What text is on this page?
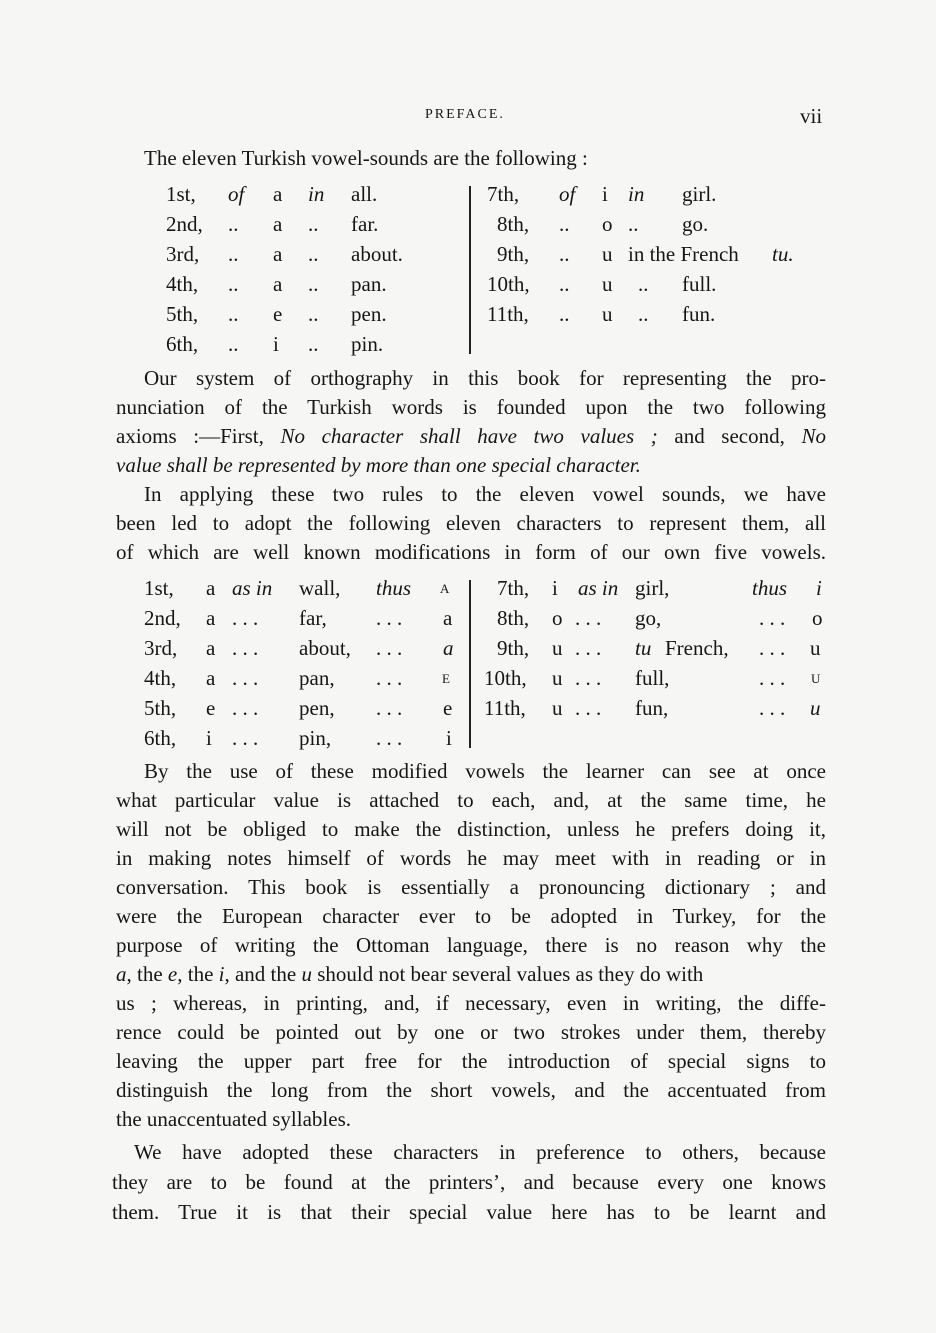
PREFACE.	vii
The eleven Turkish vowel-sounds are the following :
1st, of a in all.
2nd, .. a .. far.
3rd, .. a .. about.
4th, .. a .. pan.
5th, .. e .. pen.
6th, .. i .. pin.
7th, of i in girl.
8th, .. o .. go.
9th, .. u in the French tu.
10th, .. u .. full.
11th, .. u .. fun.
Our system of orthography in this book for representing the pro-
nunciation of the Turkish words is founded upon the two following
axioms :—First, No character shall have two values ; and second, No
value shall be represented by more than one special character.
In applying these two rules to the eleven vowel sounds, we have
been led to adopt the following eleven characters to represent them, all
of which are well known modifications in form of our own five vowels.
1st, a as in wall, thus A
2nd, a . . . far, . . . a
3rd, a . . . about, . . . a
4th, a . . . pan, . . .	E
5th, e . . . pen, . . . e
6th, i . . . pin, . . . i
7th, i as in girl,	thus i
8th, o . . . go,	. . . o
9th, u . . . tu French, . . . u
10th, u . . . full,	. . . U
11th, u . . . fun,	. . . u
By the use of these modified vowels the learner can see at once
what particular value is attached to each, and, at the same time, he
will not be obliged to make the distinction, unless he prefers doing it,
in making notes himself of words he may meet with in reading or in
conversation. This book is essentially a pronouncing dictionary ; and
were the European character ever to be adopted in Turkey, for the
purpose of writing the Ottoman language, there is no reason why the
a, the e, the i, and the u should not bear several values as they do with
us ; whereas, in printing, and, if necessary, even in writing, the diffe-
rence could be pointed out by one or two strokes under them, thereby
leaving the upper part free for the introduction of special signs to
distinguish the long from the short vowels, and the accentuated from
the unaccentuated syllables.
We have adopted these characters in preference to others, because
they are to be found at the printers’, and because every one knows
them. True it is that their special value here has to be learnt and
